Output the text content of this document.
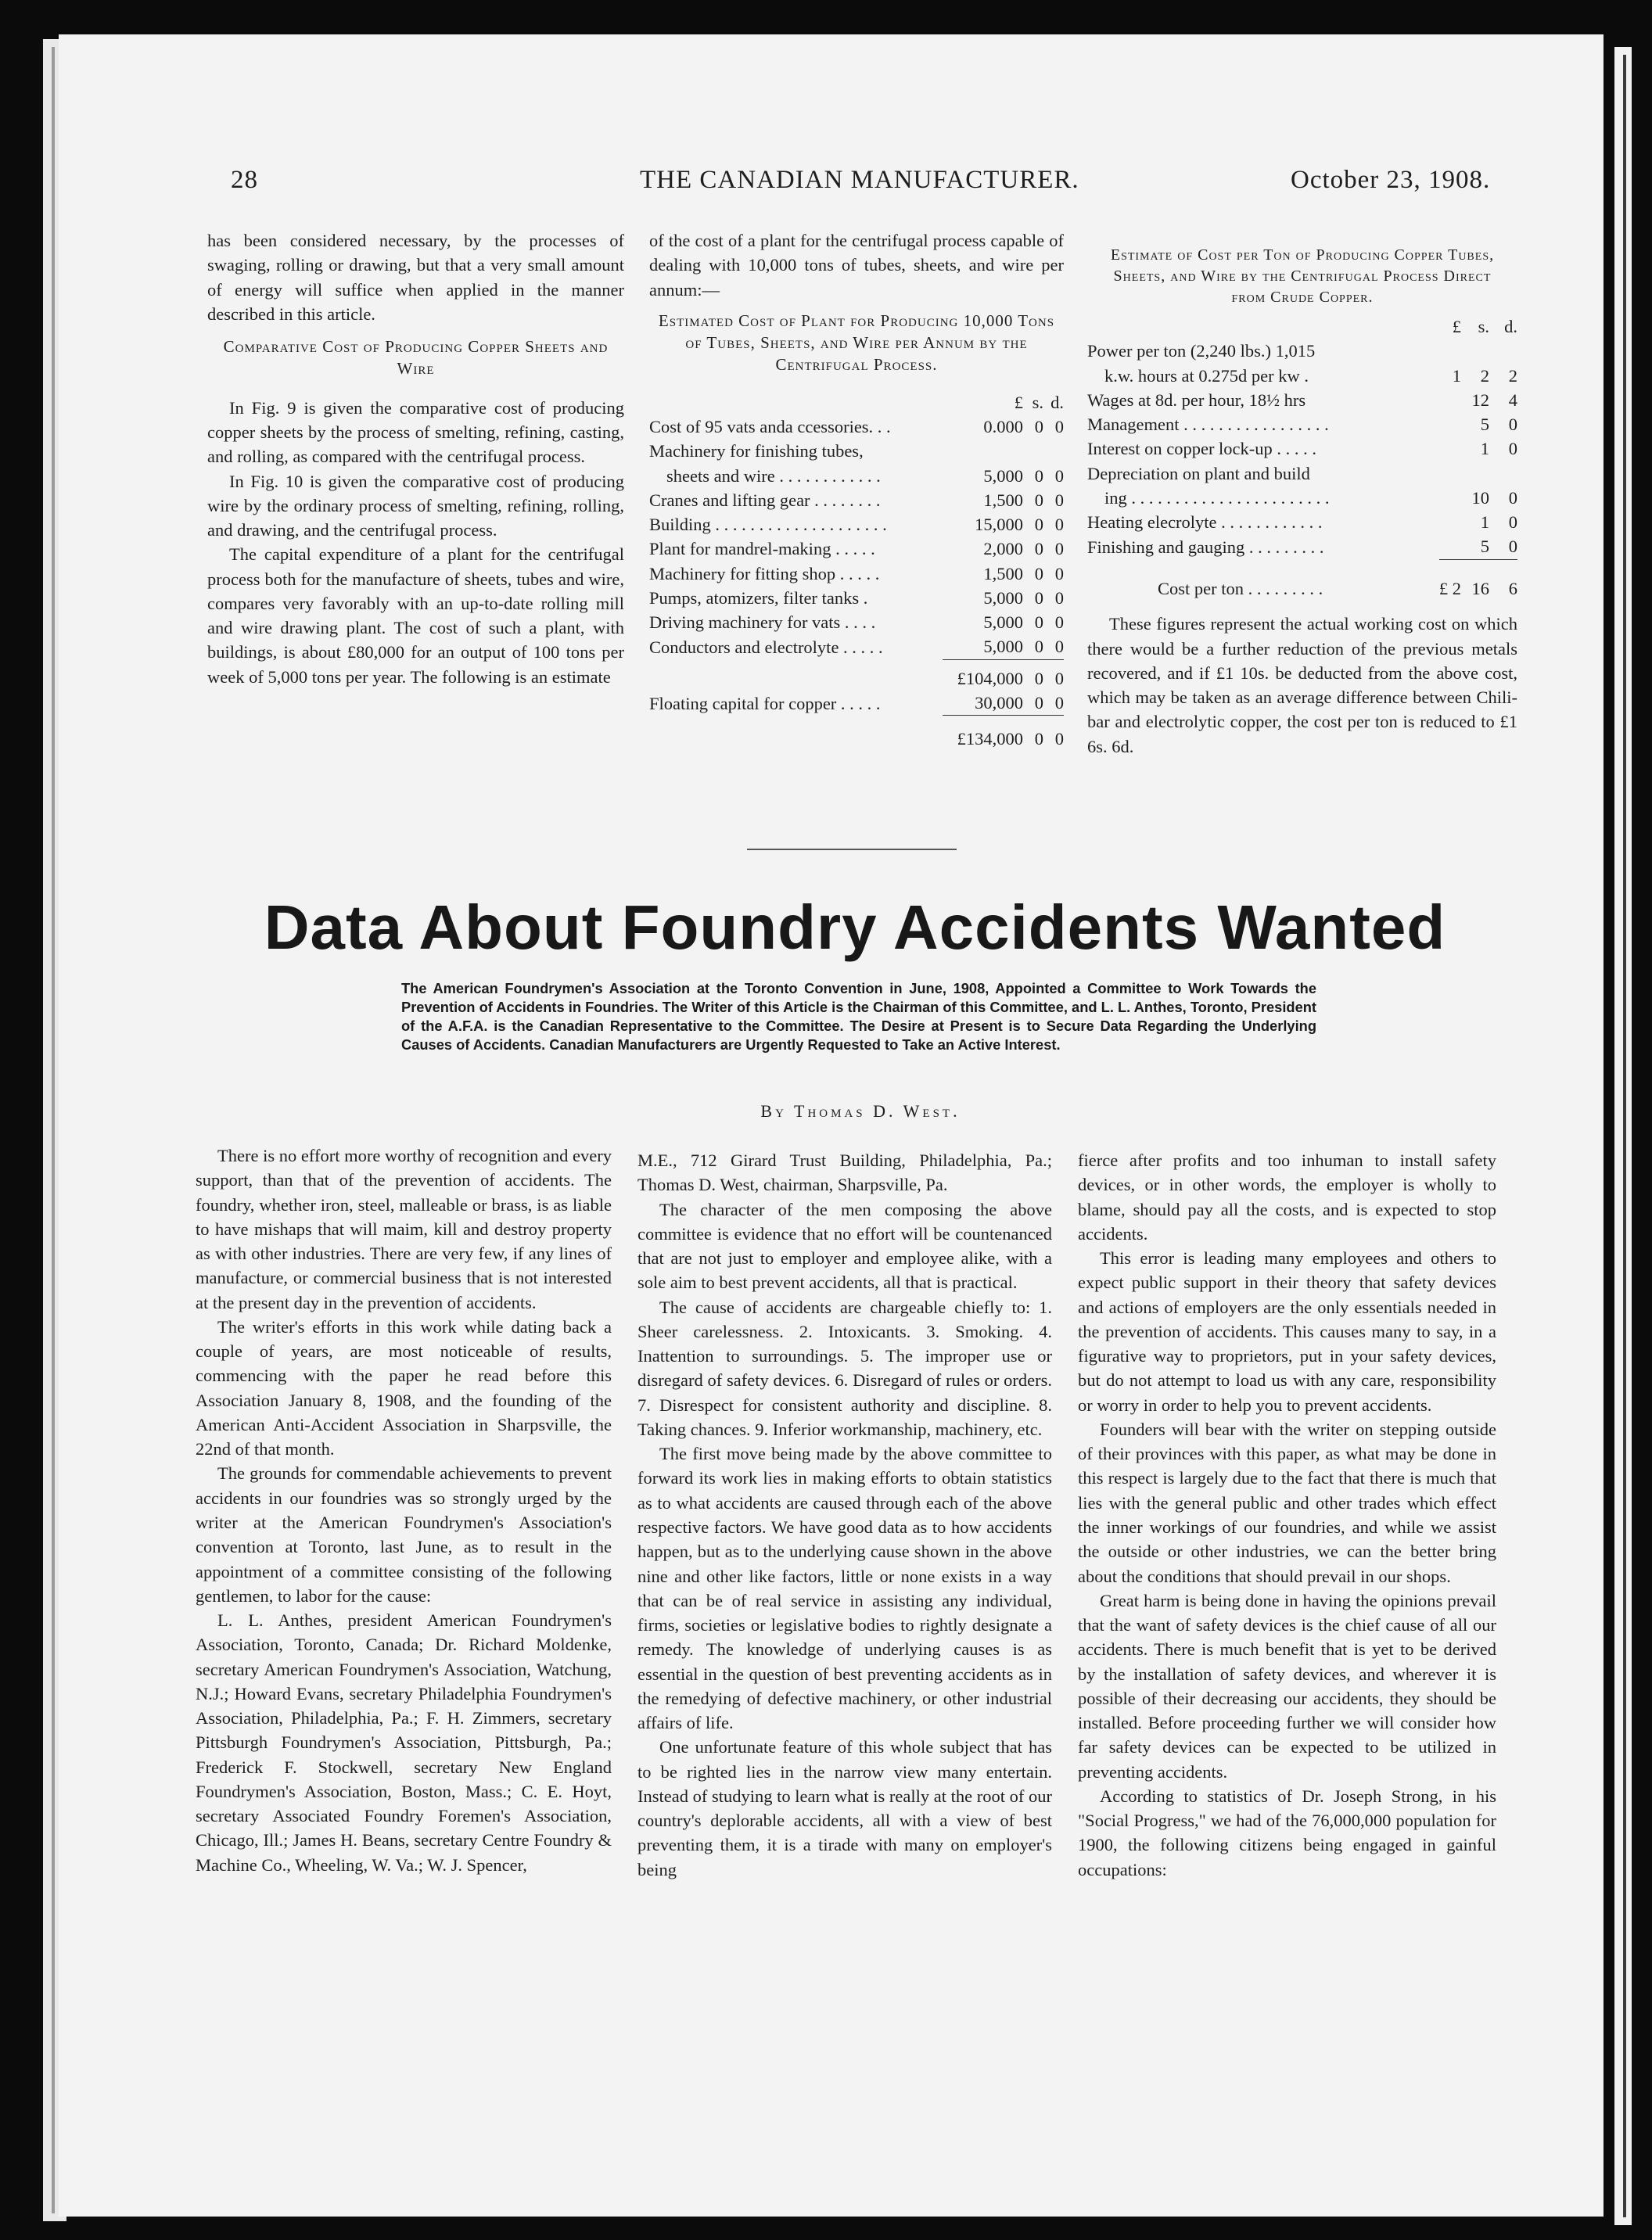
28	THE CANADIAN MANUFACTURER.	October 23, 1908.

has been considered necessary, by the processes of swaging, rolling or drawing, but that a very small amount of energy will suffice when applied in the manner described in this article.

Comparative Cost of Producing Copper Sheets and Wire

In Fig. 9 is given the comparative cost of producing copper sheets by the process of smelting, refining, casting, and rolling, as compared with the centrifugal process.

In Fig. 10 is given the comparative cost of producing wire by the ordinary process of smelting, refining, rolling, and drawing, and the centrifugal process.

The capital expenditure of a plant for the centrifugal process both for the manufacture of sheets, tubes and wire, compares very favorably with an up-to-date rolling mill and wire drawing plant. The cost of such a plant, with buildings, is about £80,000 for an output of 100 tons per week of 5,000 tons per year. The following is an estimate

of the cost of a plant for the centrifugal process capable of dealing with 10,000 tons of tubes, sheets, and wire per annum:—

Estimated Cost of Plant for Producing 10,000 Tons of Tubes, Sheets, and Wire per Annum by the Centrifugal Process.
	£	s.	d.
Cost of 95 vats anda ccessories. . .	0.000	0	0
Machinery for finishing tubes,			
sheets and wire . . . . . . . . . . . .	5,000	0	0
Cranes and lifting gear . . . . . . . .	1,500	0	0
Building . . . . . . . . . . . . . . . . . . . .	15,000	0	0
Plant for mandrel-making . . . . .	2,000	0	0
Machinery for fitting shop . . . . .	1,500	0	0
Pumps, atomizers, filter tanks .	5,000	0	0
Driving machinery for vats . . . .	5,000	0	0
Conductors and electrolyte . . . . .	5,000	0	0
	£104,000	0	0
Floating capital for copper . . . . .	30,000	0	0
	£134,000	0	0
Estimate of Cost per Ton of Producing Copper Tubes, Sheets, and Wire by the Centrifugal Process Direct from Crude Copper.
	£	s.	d.
Power per ton (2,240 lbs.) 1,015			
k.w. hours at 0.275d per kw .	1	2	2
Wages at 8d. per hour, 18½ hrs		12	4
Management . . . . . . . . . . . . . . . . .		5	0
Interest on copper lock-up . . . . .		1	0
Depreciation on plant and build			
ing . . . . . . . . . . . . . . . . . . . . . . .		10	0
Heating elecrolyte . . . . . . . . . . . .		1	0
Finishing and gauging . . . . . . . . .		5	0
Cost per ton . . . . . . . . .	£ 2	16	6

These figures represent the actual working cost on which there would be a further reduction of the previous metals recovered, and if £1 10s. be deducted from the above cost, which may be taken as an average difference between Chili-bar and electrolytic copper, the cost per ton is reduced to £1 6s. 6d.

Data About Foundry Accidents Wanted
The American Foundrymen's Association at the Toronto Convention in June, 1908, Appointed a Committee to Work Towards the Prevention of Accidents in Foundries. The Writer of this Article is the Chairman of this Committee, and L. L. Anthes, Toronto, President of the A.F.A. is the Canadian Representative to the Committee. The Desire at Present is to Secure Data Regarding the Underlying Causes of Accidents. Canadian Manufacturers are Urgently Requested to Take an Active Interest.
By Thomas D. West.

There is no effort more worthy of recognition and every support, than that of the prevention of accidents. The foundry, whether iron, steel, malleable or brass, is as liable to have mishaps that will maim, kill and destroy property as with other industries. There are very few, if any lines of manufacture, or commercial business that is not interested at the present day in the prevention of accidents.

The writer's efforts in this work while dating back a couple of years, are most noticeable of results, commencing with the paper he read before this Association January 8, 1908, and the founding of the American Anti-Accident Association in Sharpsville, the 22nd of that month.

The grounds for commendable achievements to prevent accidents in our foundries was so strongly urged by the writer at the American Foundrymen's Association's convention at Toronto, last June, as to result in the appointment of a committee consisting of the following gentlemen, to labor for the cause:

L. L. Anthes, president American Foundrymen's Association, Toronto, Canada; Dr. Richard Moldenke, secretary American Foundrymen's Association, Watchung, N.J.; Howard Evans, secretary Philadelphia Foundrymen's Association, Philadelphia, Pa.; F. H. Zimmers, secretary Pittsburgh Foundrymen's Association, Pittsburgh, Pa.; Frederick F. Stockwell, secretary New England Foundrymen's Association, Boston, Mass.; C. E. Hoyt, secretary Associated Foundry Foremen's Association, Chicago, Ill.; James H. Beans, secretary Centre Foundry & Machine Co., Wheeling, W. Va.; W. J. Spencer,

M.E., 712 Girard Trust Building, Philadelphia, Pa.; Thomas D. West, chairman, Sharpsville, Pa.

The character of the men composing the above committee is evidence that no effort will be countenanced that are not just to employer and employee alike, with a sole aim to best prevent accidents, all that is practical.

The cause of accidents are chargeable chiefly to: 1. Sheer carelessness. 2. Intoxicants. 3. Smoking. 4. Inattention to surroundings. 5. The improper use or disregard of safety devices. 6. Disregard of rules or orders. 7. Disrespect for consistent authority and discipline. 8. Taking chances. 9. Inferior workmanship, machinery, etc.

The first move being made by the above committee to forward its work lies in making efforts to obtain statistics as to what accidents are caused through each of the above respective factors. We have good data as to how accidents happen, but as to the underlying cause shown in the above nine and other like factors, little or none exists in a way that can be of real service in assisting any individual, firms, societies or legislative bodies to rightly designate a remedy. The knowledge of underlying causes is as essential in the question of best preventing accidents as in the remedying of defective machinery, or other industrial affairs of life.

One unfortunate feature of this whole subject that has to be righted lies in the narrow view many entertain. Instead of studying to learn what is really at the root of our country's deplorable accidents, all with a view of best preventing them, it is a tirade with many on employer's being

fierce after profits and too inhuman to install safety devices, or in other words, the employer is wholly to blame, should pay all the costs, and is expected to stop accidents.

This error is leading many employees and others to expect public support in their theory that safety devices and actions of employers are the only essentials needed in the prevention of accidents. This causes many to say, in a figurative way to proprietors, put in your safety devices, but do not attempt to load us with any care, responsibility or worry in order to help you to prevent accidents.

Founders will bear with the writer on stepping outside of their provinces with this paper, as what may be done in this respect is largely due to the fact that there is much that lies with the general public and other trades which effect the inner workings of our foundries, and while we assist the outside or other industries, we can the better bring about the conditions that should prevail in our shops.

Great harm is being done in having the opinions prevail that the want of safety devices is the chief cause of all our accidents. There is much benefit that is yet to be derived by the installation of safety devices, and wherever it is possible of their decreasing our accidents, they should be installed. Before proceeding further we will consider how far safety devices can be expected to be utilized in preventing accidents.

According to statistics of Dr. Joseph Strong, in his "Social Progress," we had of the 76,000,000 population for 1900, the following citizens being engaged in gainful occupations:
